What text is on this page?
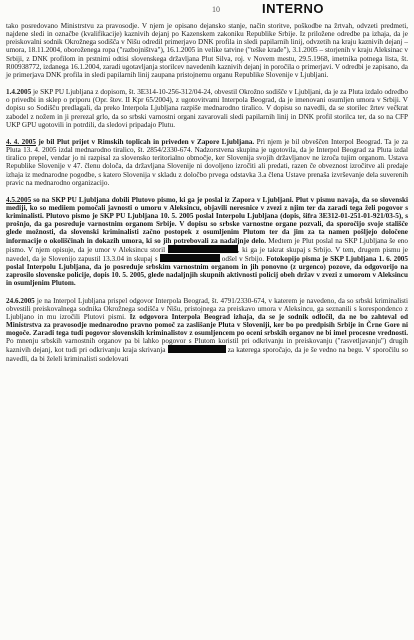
10	INTERNO

tako posredovano Ministrstvu za pravosodje. V njem je opisano dejansko stanje, način storitve, poškodbe na žrtvah, odvzeti predmeti, najdene sledi in označbe (kvalifikacije) kaznivih dejanj po Kazenskem zakoniku Republike Srbije. Iz priložene odredbe pa izhaja, da je preiskovalni sodnik Okrožnega sodišča v Nišu odredil primerjavo DNK profila in sledi papilarnih linij, odvzetih na kraju kaznivih dejanj – umora, 18.11.2004, oboroženega ropa ("razbojništva"), 16.1.2005 in velike tatvine ("teške krađe"), 3.1.2005 – storjenih v kraju Aleksinac v Srbiji, z DNK profilom in prstnimi odtisi slovenskega državljana Plut Silva, roj. v Novem mestu, 29.5.1968, imetnika potnega lista, št. R00938772, izdanega 16.1.2004, zaradi ugotavljanja storilcev navedenih kaznivih dejanj in poročila o primerjavi. V odredbi je zapisano, da je primerjava DNK profila in sledi papilarnih linij zaupana pristojnemu organu Republike Slovenije v Ljubljani.

1.4.2005 je SKP PU Ljubljana z dopisom, št. 3E314-10-256-312/04-24, obvestil Okrožno sodišče v Ljubljani, da je za Pluta izdalo odredbo o privedbi in sklep o priporu (Opr. štev. II Kpr 65/2004), z ugotovitvami Interpola Beograd, da je imenovani osumljen umora v Srbiji. V dopisu so Sodišču predlagali, da preko Interpola Ljubljana razpiše mednarodno tiralico. V dopisu so navedli, da se storilec žrtev večkrat zabodel z nožem in ji prerezal grlo, da so srbski varnostni organi zavarovali sledi papilarnih linij in DNK profil storilca ter, da so na CFP UKP GPU ugotovili in potrdili, da sledovi pripadajo Plutu.

4. 4. 2005 je bil Plut prijet v Rimskih toplicah in priveden v Zapore Ljubljana. Pri njem je bil obveščen Interpol Beograd. Ta je za Pluta 13. 4. 2005 izdal mednarodno tiralico, št. 2854/2330-674. Nadzorstvena skupina je ugotovila, da je Interpol Beograd za Pluta izdal tiralico prepel, vendar jo ni razpisal za slovensko teritorialno območje, ker Slovenija svojih državljanov ne izroča tujim organom. Ustava Republike Slovenije v 47. členu določa, da državljana Slovenije ni dovoljeno izročiti ali predati, razen če obveznost izročitve ali predaje izhaja iz mednarodne pogodbe, s katero Slovenija v skladu z določbo prvega odstavka 3.a člena Ustave prenaša izvrševanje dela suverenih pravic na mednarodno organizacijo.

4.5.2005 so na SKP PU Ljubljana dobili Plutovo pismo, ki ga je poslal iz Zapora v Ljubljani. Plut v pismu navaja, da so slovenski mediji, ko so mediiem pomočali javnosti o umoru v Aleksincu, objavili neresnice v zvezi z njim ter da zaradi tega želi pogovor s kriminalisti. Plutovo pismo je SKP PU Ljubljana 10. 5. 2005 poslal Interpolu Ljubljana (dopis, šifra 3E312-01-251-01-921/03-5), s prošnjo, da ga posreduje varnostnim organom Srbije. V dopisu so srbske varnostne organe pozvali, da sporočijo svoje stališče glede možnosti, da slovenski kriminalisti začno postopek z osumljenim Plutom ter da jim za ta namen pošljejo določene informacije o okoliščinah in dokazih umora, ki so jih potrebovali za nadaljnje delo. Medtem je Plut poslal na SKP Ljubljana še eno pismo. V njem opisuje, da je umor v Aleksincu storil	, ki ga je takrat skupaj s Srbijo. V tem, drugem pismu je navedel, da je Slovenijo zapustil 13.3.04 in skupaj s	odšel v Srbijo. Fotokopijo pisma je SKP Ljubljana 1. 6. 2005 poslal Interpolu Ljubljana, da jo posreduje srbskim varnostnim organom in jih ponovno (z urgenco) pozove, da odgovorijo na zaprosilo slovenske policije, dopis 10. 5. 2005, glede nadaljnjih skupnih aktivnosti policij obeh držav v zvezi z umorom v Aleksincu in osumljenim Plutom.

24.6.2005 je na Interpol Ljubljana prispel odgovor Interpola Beograd, št. 4791/2330-674, v katerem je navedeno, da so srbski kriminalisti obvestili preiskovalnega sodnika Okrožnega sodišča v Nišu, pristojnega za preiskavo umora v Aleksincu, ga seznanili s korespondenco z Ljubljano in mu izročili Plutovi pismi. Iz odgovora Interpola Beograd izhaja, da se je sodnik odločil, da ne bo zahteval od Ministrstva za pravosodje mednarodno pravno pomoč za zaslišanje Pluta v Sloveniji, ker bo po predpisih Srbije in Črne Gore ni mogoče. Zaradi tega tudi pogovor slovenskih kriminalistov z osumljencem po oceni srbskih organov ne bi imel procesne vrednosti. Po mnenju srbskih varnostnih organov pa bi lahko pogovor s Plutom koristil pri odkrivanju in preiskovanju ("rasvetljavanju") drugih kaznivih dejanj, kot tudi pri odkrivanju kraja skrivanja	za katerega sporočajo, da je še vedno na begu. V sporočilu so navedli, da bi želeli kriminalisti sodelovati
